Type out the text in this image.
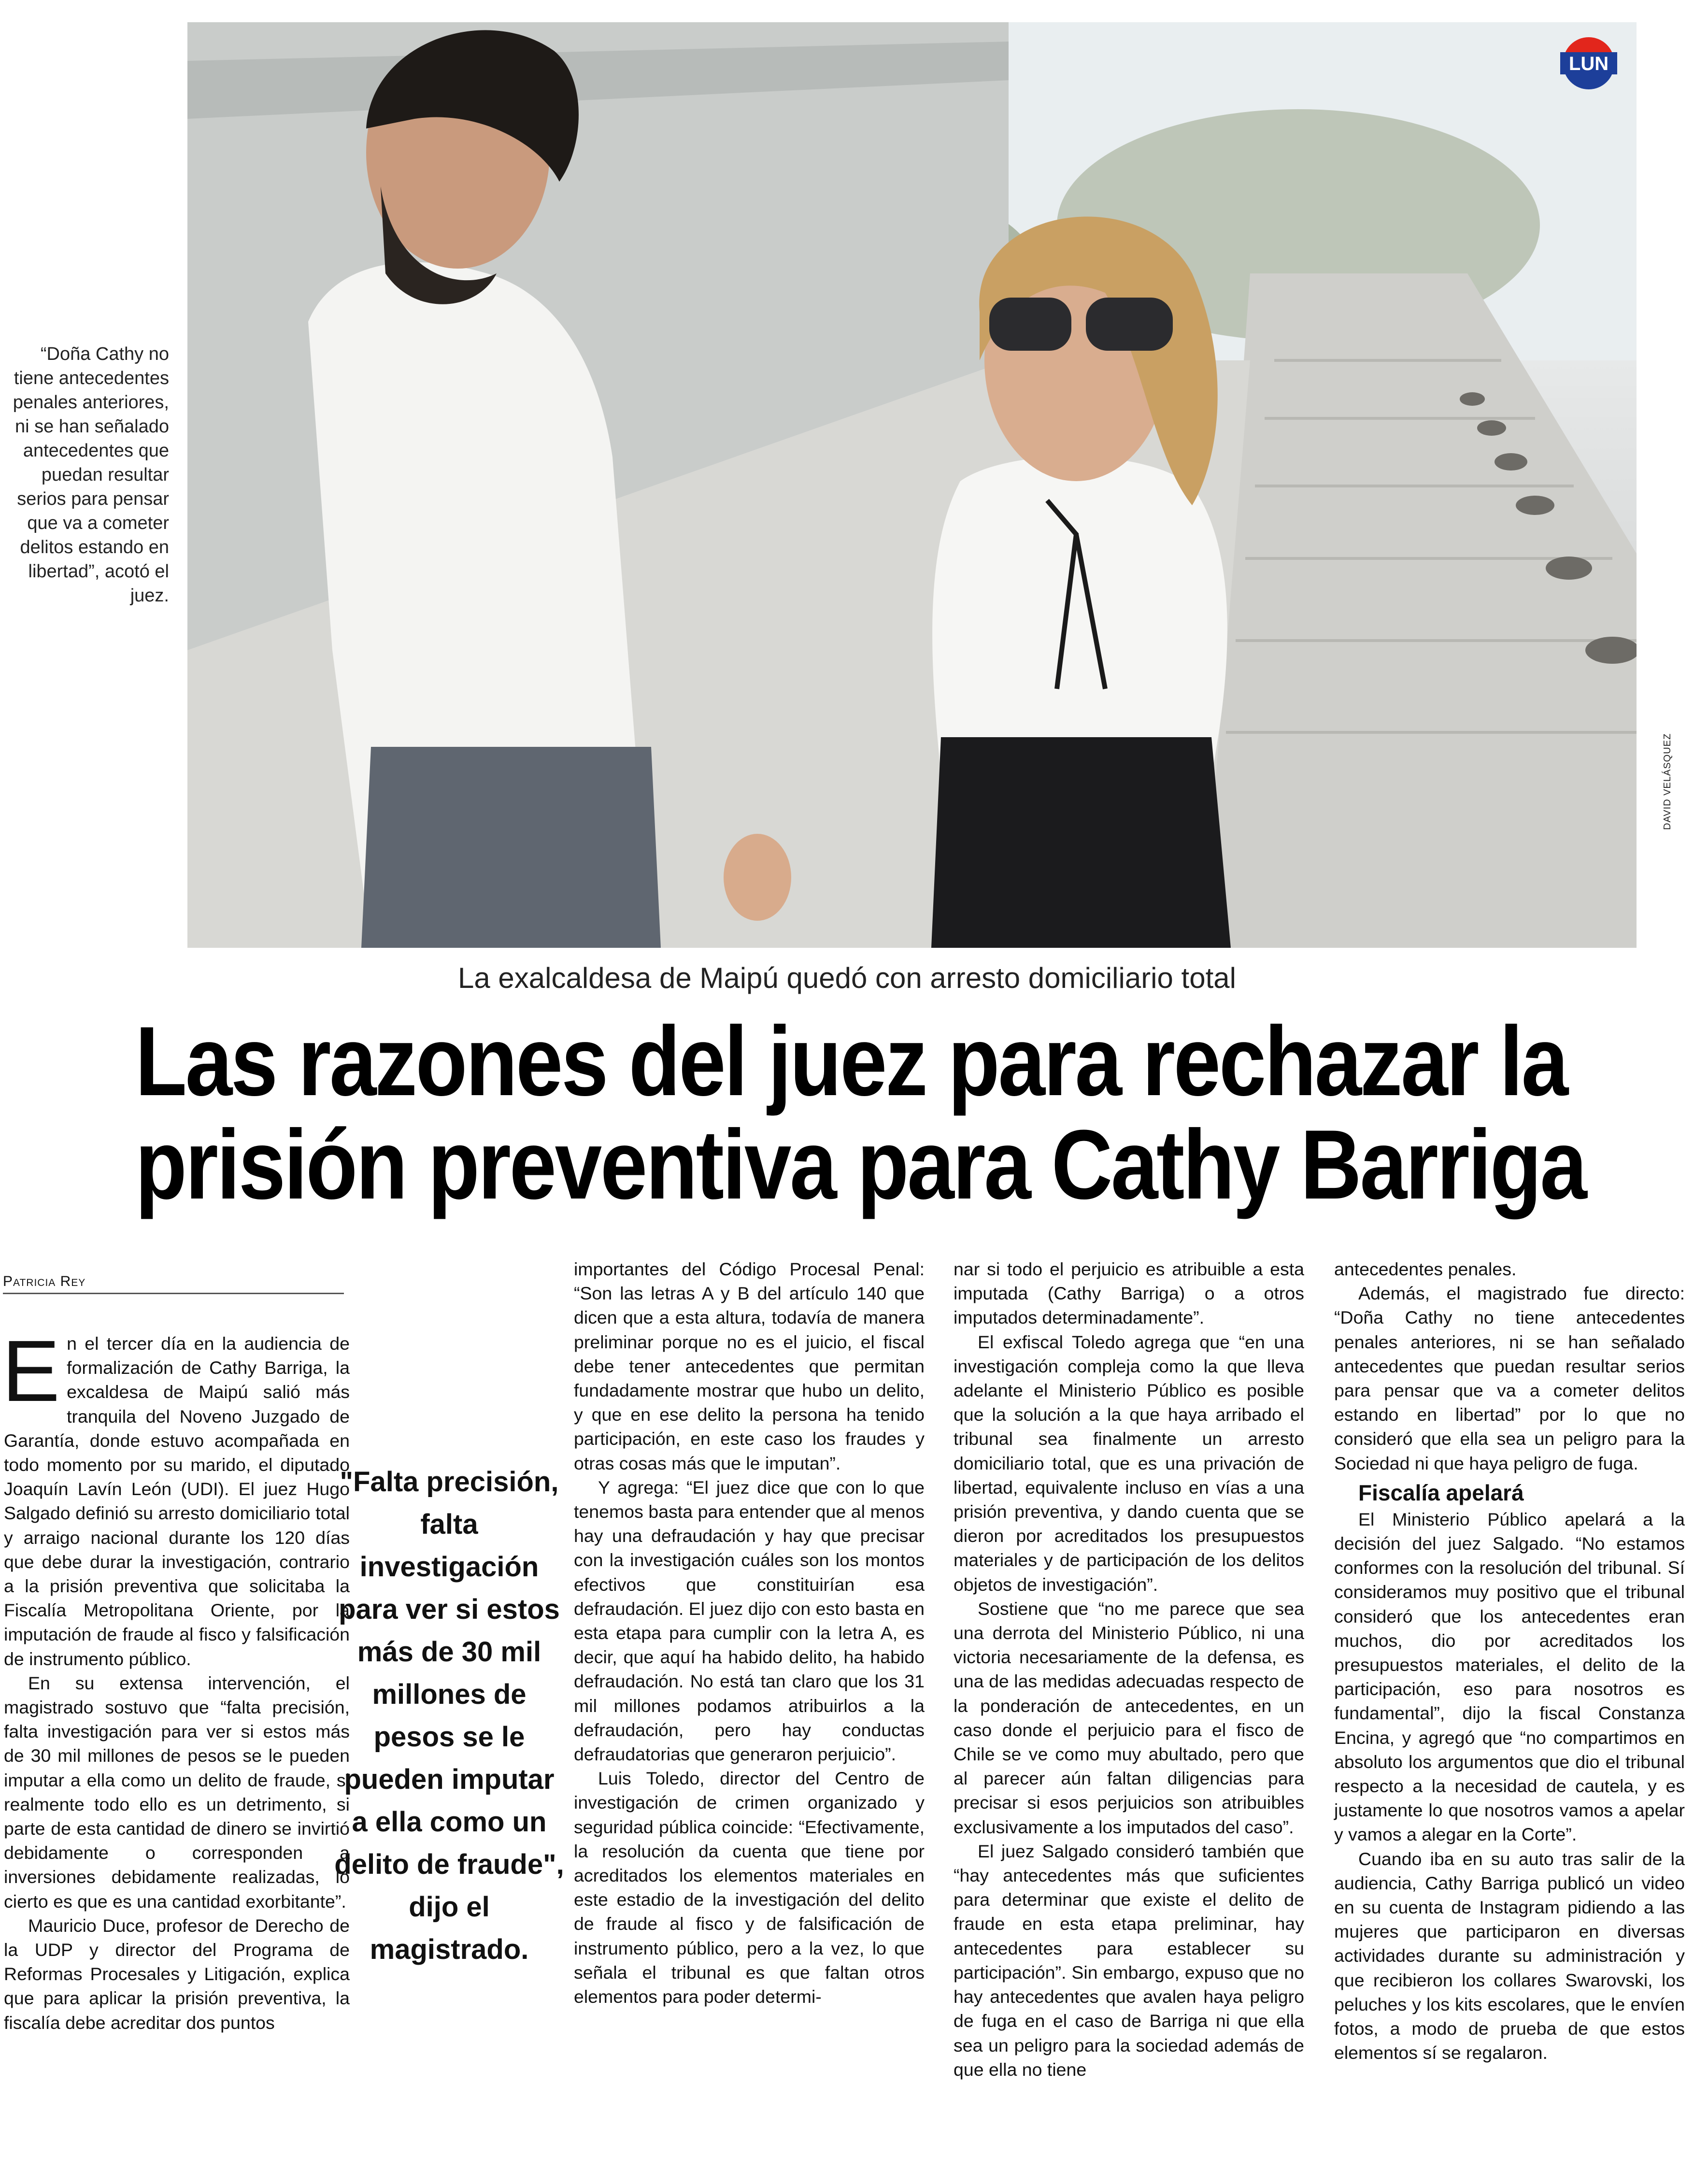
LUN
DAVID VELÁSQUEZ
“Doña Cathy no tiene antecedentes penales anteriores, ni se han señalado antecedentes que puedan resultar serios para pensar que va a cometer delitos estando en libertad”, acotó el juez.
La exalcaldesa de Maipú quedó con arresto domiciliario total
Las razones del juez para rechazar la
prisión preventiva para Cathy Barriga
Patricia Rey
"Falta precisión, falta investigación para ver si estos más de 30 mil millones de pesos se le pueden imputar a ella como un delito de fraude", dijo el magistrado.

En el tercer día en la audiencia de formalización de Cathy Barriga, la excaldesa de Maipú salió más tranquila del Noveno Juzgado de Garantía, donde estuvo acompañada en todo momento por su marido, el diputado Joaquín Lavín León (UDI). El juez Hugo Salgado definió su arresto domiciliario total y arraigo nacional durante los 120 días que debe durar la investigación, contrario a la prisión preventiva que solicitaba la Fiscalía Metropolitana Oriente, por la imputación de fraude al fisco y falsificación de instrumento público.

En su extensa intervención, el magistrado sostuvo que “falta precisión, falta investigación para ver si estos más de 30 mil millones de pesos se le pueden imputar a ella como un delito de fraude, si realmente todo ello es un detrimento, si parte de esta cantidad de dinero se invirtió debidamente o corresponden a inversiones debidamente realizadas, lo cierto es que es una cantidad exorbitante”.

Mauricio Duce, profesor de Derecho de la UDP y director del Programa de Reformas Procesales y Litigación, explica que para aplicar la prisión preventiva, la fiscalía debe acreditar dos puntos

importantes del Código Procesal Penal: “Son las letras A y B del artículo 140 que dicen que a esta altura, todavía de manera preliminar porque no es el juicio, el fiscal debe tener antecedentes que permitan fundadamente mostrar que hubo un delito, y que en ese delito la persona ha tenido participación, en este caso los fraudes y otras cosas más que le imputan”.

Y agrega: “El juez dice que con lo que tenemos basta para entender que al menos hay una defraudación y hay que precisar con la investigación cuáles son los montos efectivos que constituirían esa defraudación. El juez dijo con esto basta en esta etapa para cumplir con la letra A, es decir, que aquí ha habido delito, ha habido defraudación. No está tan claro que los 31 mil millones podamos atribuirlos a la defraudación, pero hay conductas defraudatorias que generaron perjuicio”.

Luis Toledo, director del Centro de investigación de crimen organizado y seguridad pública coincide: “Efectivamente, la resolución da cuenta que tiene por acreditados los elementos materiales en este estadio de la investigación del delito de fraude al fisco y de falsificación de instrumento público, pero a la vez, lo que señala el tribunal es que faltan otros elementos para poder determi-

nar si todo el perjuicio es atribuible a esta imputada (Cathy Barriga) o a otros imputados determinadamente”.

El exfiscal Toledo agrega que “en una investigación compleja como la que lleva adelante el Ministerio Público es posible que la solución a la que haya arribado el tribunal sea finalmente un arresto domiciliario total, que es una privación de libertad, equivalente incluso en vías a una prisión preventiva, y dando cuenta que se dieron por acreditados los presupuestos materiales y de participación de los delitos objetos de investigación”.

Sostiene que “no me parece que sea una derrota del Ministerio Público, ni una victoria necesariamente de la defensa, es una de las medidas adecuadas respecto de la ponderación de antecedentes, en un caso donde el perjuicio para el fisco de Chile se ve como muy abultado, pero que al parecer aún faltan diligencias para precisar si esos perjuicios son atribuibles exclusivamente a los imputados del caso”.

El juez Salgado consideró también que “hay antecedentes más que suficientes para determinar que existe el delito de fraude en esta etapa preliminar, hay antecedentes para establecer su participación”. Sin embargo, expuso que no hay antecedentes que avalen haya peligro de fuga en el caso de Barriga ni que ella sea un peligro para la sociedad además de que ella no tiene

antecedentes penales.

Además, el magistrado fue directo: “Doña Cathy no tiene antecedentes penales anteriores, ni se han señalado antecedentes que puedan resultar serios para pensar que va a cometer delitos estando en libertad” por lo que no consideró que ella sea un peligro para la Sociedad ni que haya peligro de fuga.

Fiscalía apelará

El Ministerio Público apelará a la decisión del juez Salgado. “No estamos conformes con la resolución del tribunal. Sí consideramos muy positivo que el tribunal consideró que los antecedentes eran muchos, dio por acreditados los presupuestos materiales, el delito de la participación, eso para nosotros es fundamental”, dijo la fiscal Constanza Encina, y agregó que “no compartimos en absoluto los argumentos que dio el tribunal respecto a la necesidad de cautela, y es justamente lo que nosotros vamos a apelar y vamos a alegar en la Corte”.

Cuando iba en su auto tras salir de la audiencia, Cathy Barriga publicó un video en su cuenta de Instagram pidiendo a las mujeres que participaron en diversas actividades durante su administración y que recibieron los collares Swarovski, los peluches y los kits escolares, que le envíen fotos, a modo de prueba de que estos elementos sí se regalaron.
